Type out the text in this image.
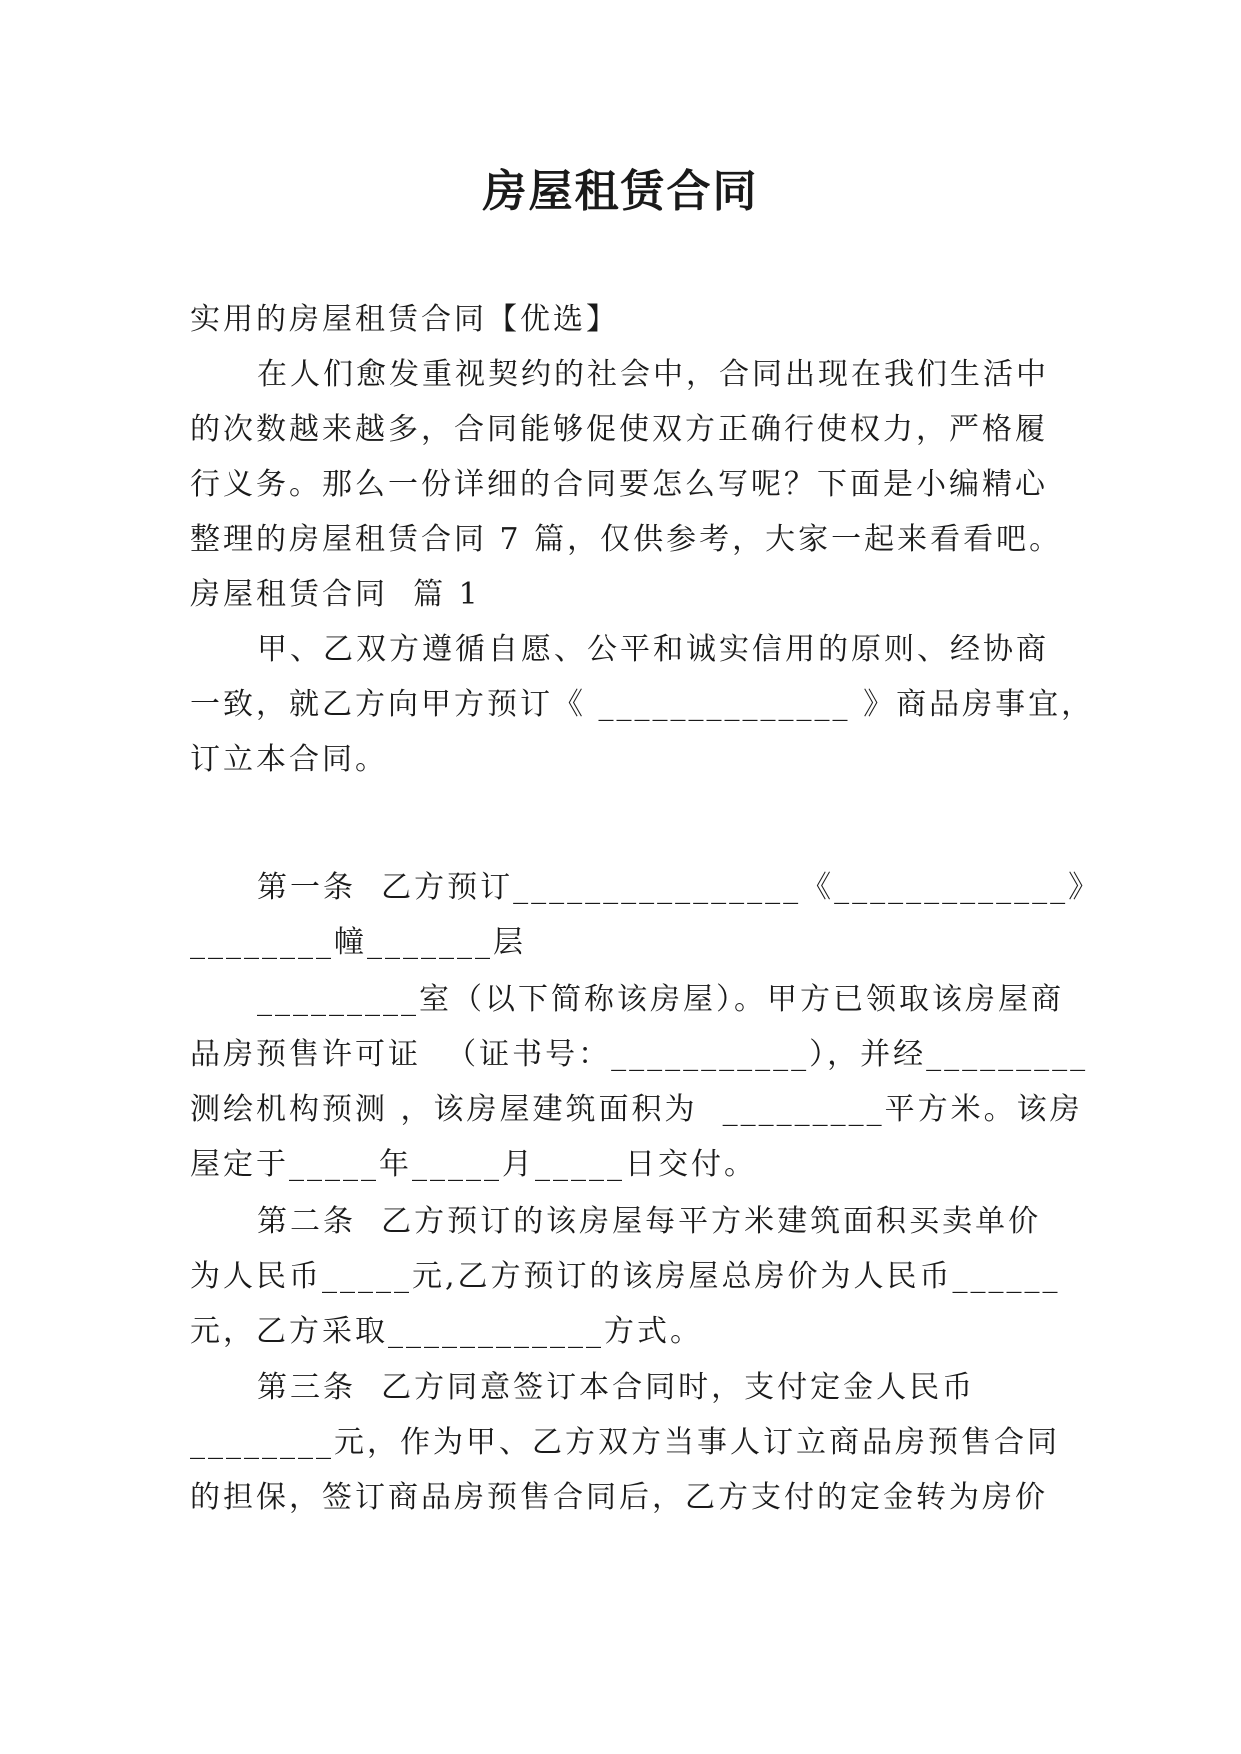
房屋租赁合同
实用的房屋租赁合同【优选】
在人们愈发重视契约的社会中，合同出现在我们生活中
的次数越来越多，合同能够促使双方正确行使权力，严格履
行义务。那么一份详细的合同要怎么写呢？下面是小编精心
整理的房屋租赁合同 7 篇，仅供参考，大家一起来看看吧。
房屋租赁合同  篇 1
甲、乙双方遵循自愿、公平和诚实信用的原则、经协商
一致，就乙方向甲方预订《 ______________ 》商品房事宜，
订立本合同。
第一条  乙方预订________________《_____________》
________幢_______层
_________室（以下简称该房屋）。甲方已领取该房屋商
品房预售许可证  （证书号：___________），并经_________
测绘机构预测 ，该房屋建筑面积为  _________平方米。该房
屋定于_____年_____月_____日交付。
第二条  乙方预订的该房屋每平方米建筑面积买卖单价
为人民币_____元,乙方预订的该房屋总房价为人民币______
元，乙方采取____________方式。
第三条  乙方同意签订本合同时，支付定金人民币
________元，作为甲、乙方双方当事人订立商品房预售合同
的担保，签订商品房预售合同后，乙方支付的定金转为房价
